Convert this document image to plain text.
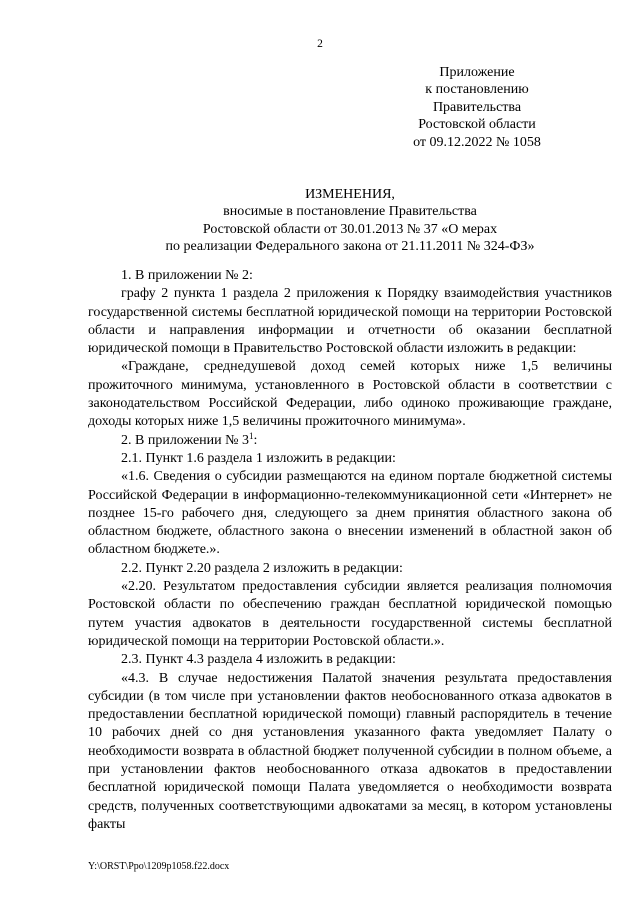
2
Приложение
к постановлению
Правительства
Ростовской области
от 09.12.2022 № 1058
ИЗМЕНЕНИЯ,
вносимые в постановление Правительства
Ростовской области от 30.01.2013 № 37 «О мерах
по реализации Федерального закона от 21.11.2011 № 324-ФЗ»

1. В приложении № 2:

графу 2 пункта 1 раздела 2 приложения к Порядку взаимодействия участников государственной системы бесплатной юридической помощи на территории Ростовской области и направления информации и отчетности об оказании бесплатной юридической помощи в Правительство Ростовской области изложить в редакции:

«Граждане, среднедушевой доход семей которых ниже 1,5 величины прожиточного минимума, установленного в Ростовской области в соответствии с законодательством Российской Федерации, либо одиноко проживающие граждане, доходы которых ниже 1,5 величины прожиточного минимума».

2. В приложении № $3^1$:

2.1. Пункт 1.6 раздела 1 изложить в редакции:

«1.6. Сведения о субсидии размещаются на едином портале бюджетной системы Российской Федерации в информационно-телекоммуникационной сети «Интернет» не позднее 15-го рабочего дня, следующего за днем принятия областного закона об областном бюджете, областного закона о внесении изменений в областной закон об областном бюджете.».

2.2. Пункт 2.20 раздела 2 изложить в редакции:

«2.20. Результатом предоставления субсидии является реализация полномочия Ростовской области по обеспечению граждан бесплатной юридической помощью путем участия адвокатов в деятельности государственной системы бесплатной юридической помощи на территории Ростовской области.».

2.3. Пункт 4.3 раздела 4 изложить в редакции:

«4.3. В случае недостижения Палатой значения результата предоставления субсидии (в том числе при установлении фактов необоснованного отказа адвокатов в предоставлении бесплатной юридической помощи) главный распорядитель в течение 10 рабочих дней со дня установления указанного факта уведомляет Палату о необходимости возврата в областной бюджет полученной субсидии в полном объеме, а при установлении фактов необоснованного отказа адвокатов в предоставлении бесплатной юридической помощи Палата уведомляется о необходимости возврата средств, полученных соответствующими адвокатами за месяц, в котором установлены факты

Y:\ORST\Ppo\1209p1058.f22.docx
